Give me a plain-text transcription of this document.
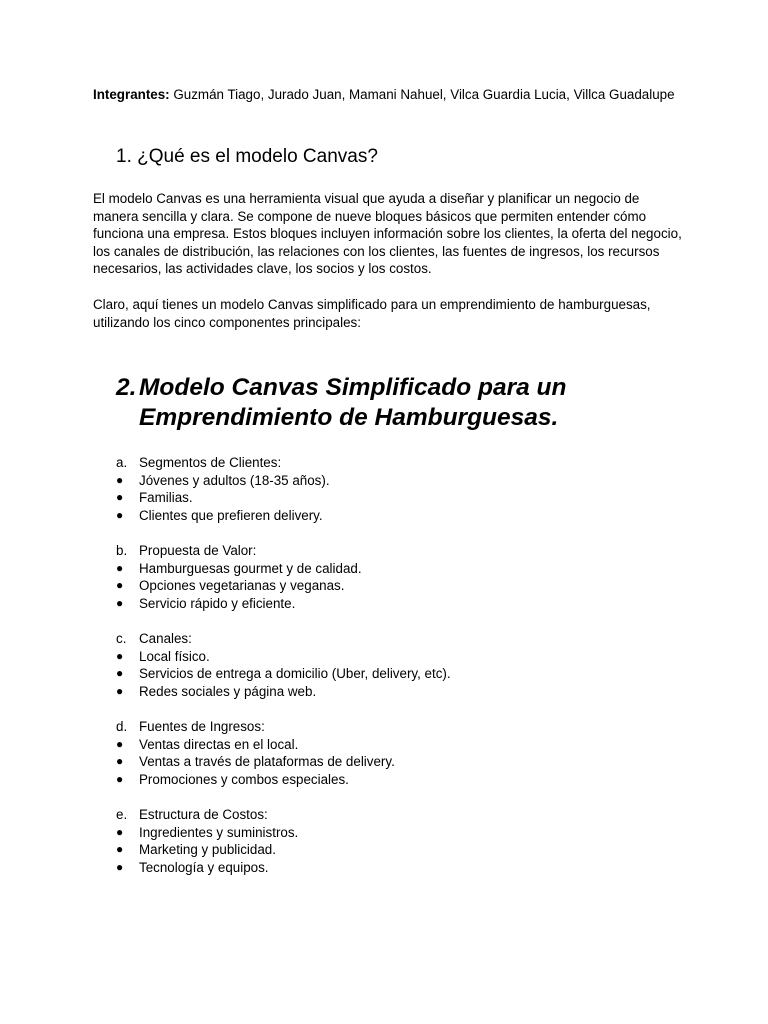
Integrantes: Guzmán Tiago, Jurado Juan, Mamani Nahuel, Vilca Guardia Lucia, Villca Guadalupe
1. ¿Qué es el modelo Canvas?

El modelo Canvas es una herramienta visual que ayuda a diseñar y planificar un negocio de manera sencilla y clara. Se compone de nueve bloques básicos que permiten entender cómo funciona una empresa. Estos bloques incluyen información sobre los clientes, la oferta del negocio, los canales de distribución, las relaciones con los clientes, las fuentes de ingresos, los recursos necesarios, las actividades clave, los socios y los costos.

Claro, aquí tienes un modelo Canvas simplificado para un emprendimiento de hamburguesas, utilizando los cinco componentes principales:

2. Modelo Canvas Simplificado para un Emprendimiento de Hamburguesas.
a. Segmentos de Clientes:
●	Jóvenes y adultos (18-35 años).
●	Familias.
●	Clientes que prefieren delivery.
b. Propuesta de Valor:
●	Hamburguesas gourmet y de calidad.
●	Opciones vegetarianas y veganas.
●	Servicio rápido y eficiente.
c. Canales:
●	Local físico.
●	Servicios de entrega a domicilio (Uber, delivery, etc).
●	Redes sociales y página web.
d. Fuentes de Ingresos:
●	Ventas directas en el local.
●	Ventas a través de plataformas de delivery.
●	Promociones y combos especiales.
e. Estructura de Costos:
●	Ingredientes y suministros.
●	Marketing y publicidad.
●	Tecnología y equipos.
